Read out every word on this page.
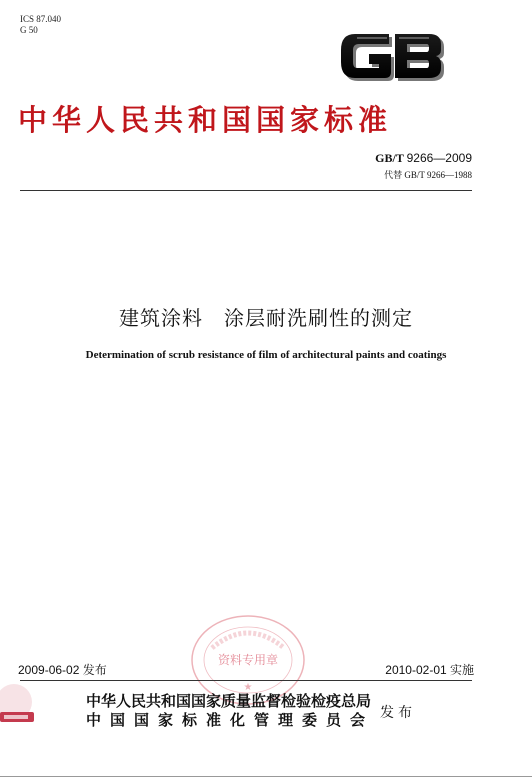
ICS 87.040
G 50
中华人民共和国国家标准
GB/T 9266—2009
代替 GB/T 9266—1988
建筑涂料　涂层耐洗刷性的测定
Determination of scrub resistance of film of architectural paints and coatings
资料专用章
★
2009-06-02 发布	2010-02-01 实施
中华人民共和国国家质量监督检验检疫总局
中国国家标准化管理委员会 发布
